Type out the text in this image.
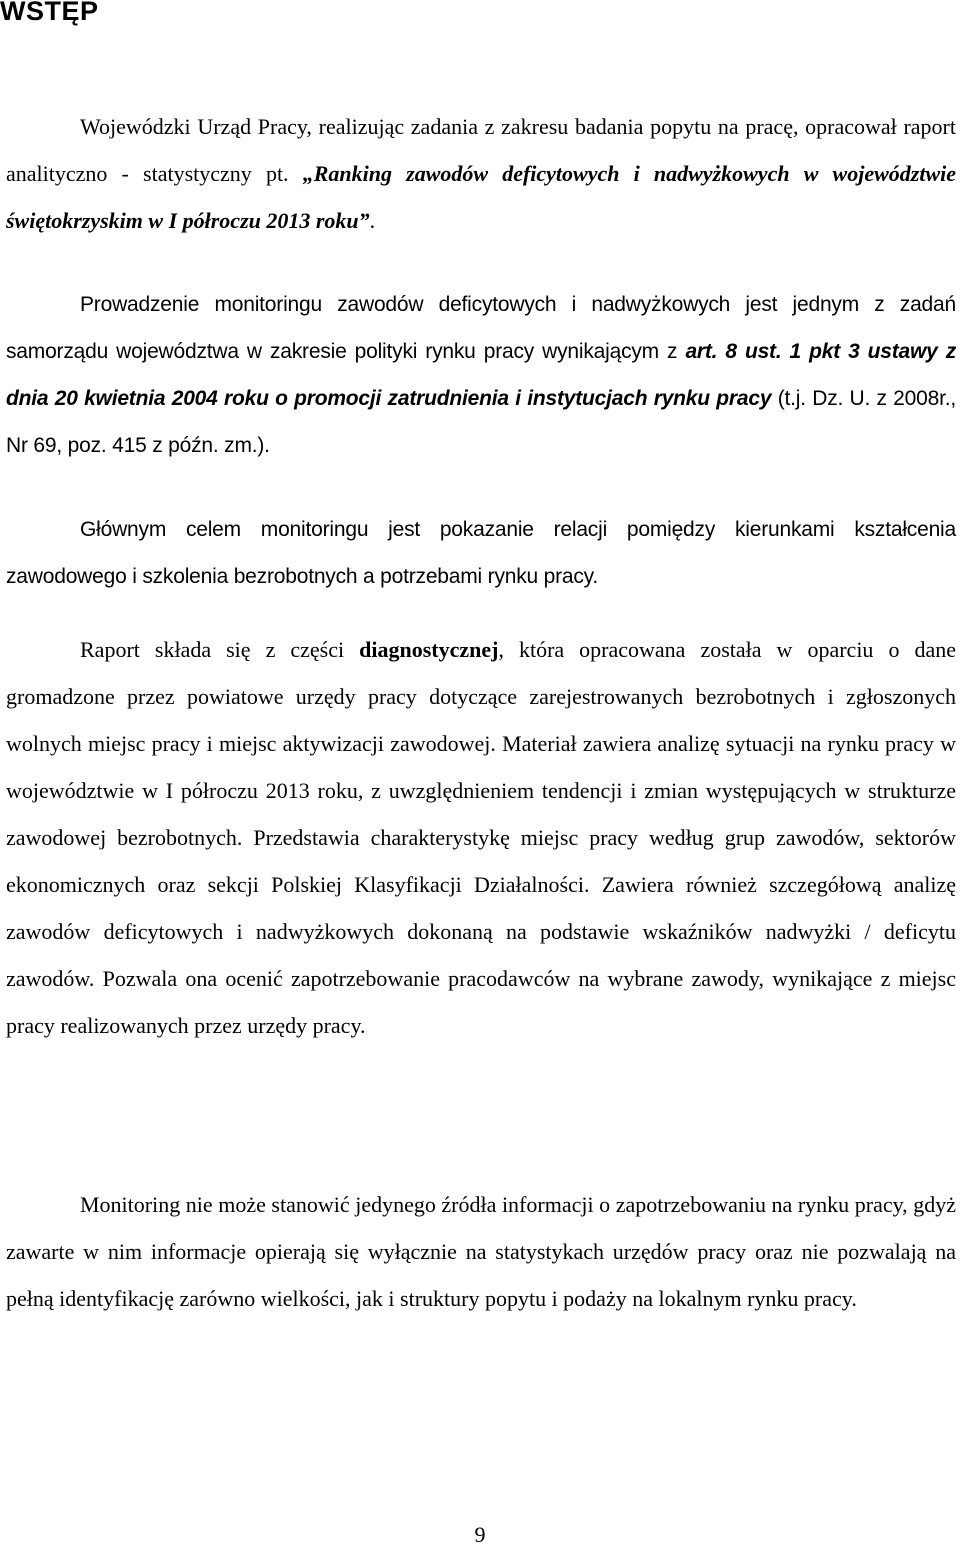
WSTĘP

Wojewódzki Urząd Pracy, realizując zadania z zakresu badania popytu na pracę, opracował raport analityczno - statystyczny pt. „Ranking zawodów deficytowych i nadwyżkowych w województwie świętokrzyskim w I półroczu 2013 roku”.

Prowadzenie monitoringu zawodów deficytowych i nadwyżkowych jest jednym z zadań samorządu województwa w zakresie polityki rynku pracy wynikającym z art. 8 ust. 1 pkt 3 ustawy z dnia 20 kwietnia 2004 roku o promocji zatrudnienia i instytucjach rynku pracy (t.j. Dz. U. z 2008r., Nr 69, poz. 415 z późn. zm.).

Głównym celem monitoringu jest pokazanie relacji pomiędzy kierunkami kształcenia zawodowego i szkolenia bezrobotnych a potrzebami rynku pracy.

Raport składa się z części diagnostycznej, która opracowana została w oparciu o dane gromadzone przez powiatowe urzędy pracy dotyczące zarejestrowanych bezrobotnych i zgłoszonych wolnych miejsc pracy i miejsc aktywizacji zawodowej. Materiał zawiera analizę sytuacji na rynku pracy w województwie w I półroczu 2013 roku, z uwzględnieniem tendencji i zmian występujących w strukturze zawodowej bezrobotnych. Przedstawia charakterystykę miejsc pracy według grup zawodów, sektorów ekonomicznych oraz sekcji Polskiej Klasyfikacji Działalności. Zawiera również szczegółową analizę zawodów deficytowych i nadwyżkowych dokonaną na podstawie wskaźników nadwyżki / deficytu zawodów. Pozwala ona ocenić zapotrzebowanie pracodawców na wybrane zawody, wynikające z miejsc pracy realizowanych przez urzędy pracy.

Monitoring nie może stanowić jedynego źródła informacji o zapotrzebowaniu na rynku pracy, gdyż zawarte w nim informacje opierają się wyłącznie na statystykach urzędów pracy oraz nie pozwalają na pełną identyfikację zarówno wielkości, jak i struktury popytu i podaży na lokalnym rynku pracy.

9
